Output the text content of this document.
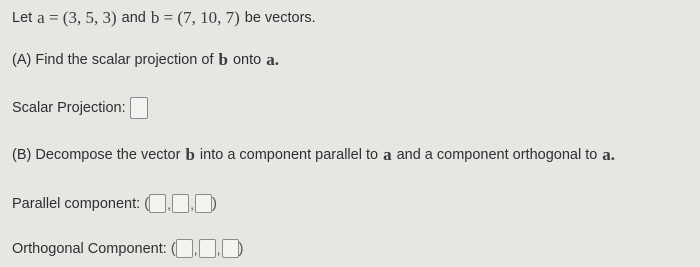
Let a = (3, 5, 3) and b = (7, 10, 7) be vectors.
(A) Find the scalar projection of b onto a.
Scalar Projection:
(B) Decompose the vector b into a component parallel to a and a component orthogonal to a.
Parallel component: ( , , )
Orthogonal Component: ( , , )
